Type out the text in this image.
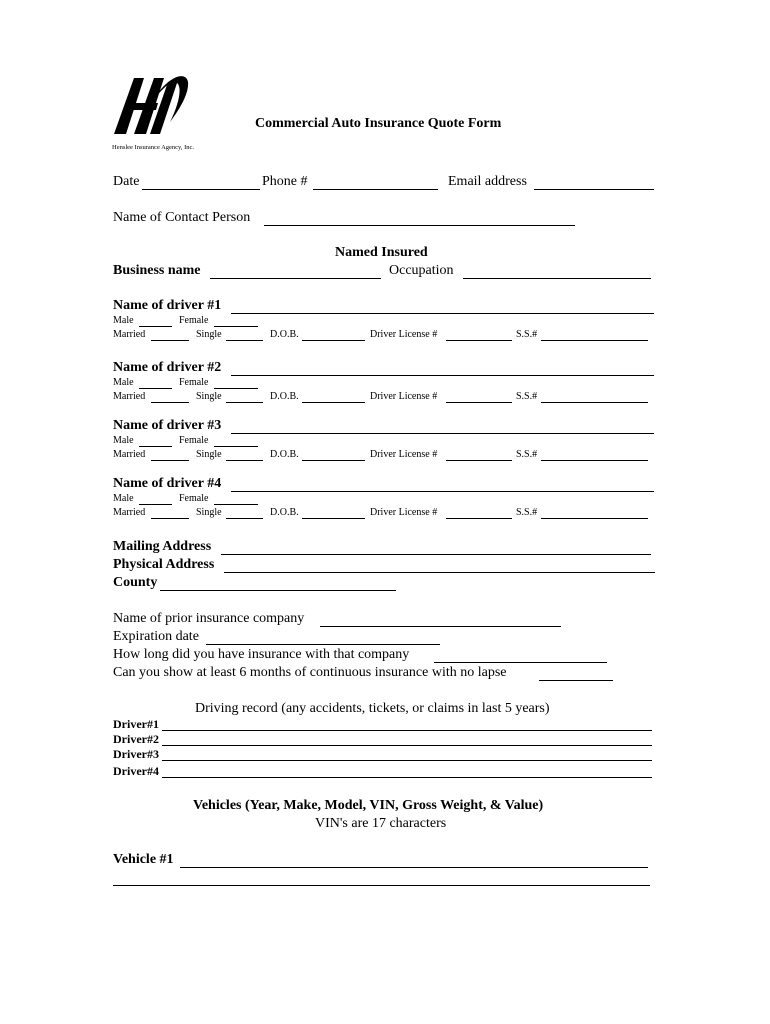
Henslee Insurance Agency, Inc.
Commercial Auto Insurance Quote Form
Date	Phone #	Email address
Name of Contact Person
Named Insured
Business name	Occupation
Name of driver #1
Male	Female
Married	Single	D.O.B.	Driver License #	S.S.#
Name of driver #2
Male	Female
Married	Single	D.O.B.	Driver License #	S.S.#
Name of driver #3
Male	Female
Married	Single	D.O.B.	Driver License #	S.S.#
Name of driver #4
Male	Female
Married	Single	D.O.B.	Driver License #	S.S.#
Mailing Address
Physical Address
County
Name of prior insurance company
Expiration date
How long did you have insurance with that company
Can you show at least 6 months of continuous insurance with no lapse
Driving record (any accidents, tickets, or claims in last 5 years)
Driver#1
Driver#2
Driver#3
Driver#4
Vehicles (Year, Make, Model, VIN, Gross Weight, & Value)
VIN's are 17 characters
Vehicle #1
